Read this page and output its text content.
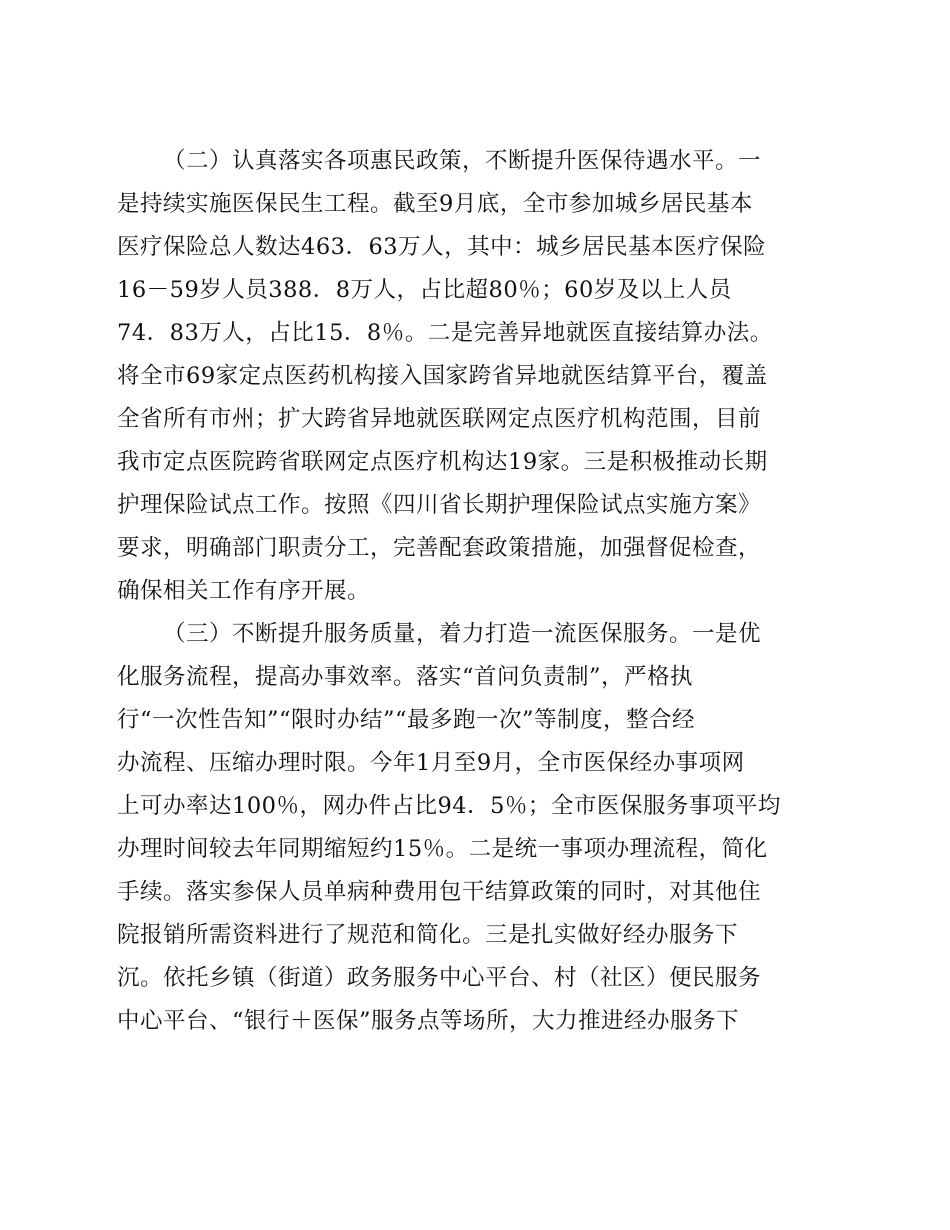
（二）认真落实各项惠民政策，不断提升医保待遇水平。一
是持续实施医保民生工程。截至9月底，全市参加城乡居民基本
医疗保险总人数达463．63万人，其中：城乡居民基本医疗保险
16－59岁人员388．8万人，占比超80％；60岁及以上人员
74．83万人，占比15．8％。二是完善异地就医直接结算办法。
将全市69家定点医药机构接入国家跨省异地就医结算平台，覆盖
全省所有市州；扩大跨省异地就医联网定点医疗机构范围，目前
我市定点医院跨省联网定点医疗机构达19家。三是积极推动长期
护理保险试点工作。按照《四川省长期护理保险试点实施方案》
要求，明确部门职责分工，完善配套政策措施，加强督促检查，
确保相关工作有序开展。
（三）不断提升服务质量，着力打造一流医保服务。一是优
化服务流程，提高办事效率。落实“首问负责制”，严格执
行“一次性告知”“限时办结”“最多跑一次”等制度，整合经
办流程、压缩办理时限。今年1月至9月，全市医保经办事项网
上可办率达100％，网办件占比94．5％；全市医保服务事项平均
办理时间较去年同期缩短约15％。二是统一事项办理流程，简化
手续。落实参保人员单病种费用包干结算政策的同时，对其他住
院报销所需资料进行了规范和简化。三是扎实做好经办服务下
沉。依托乡镇（街道）政务服务中心平台、村（社区）便民服务
中心平台、“银行＋医保”服务点等场所，大力推进经办服务下
